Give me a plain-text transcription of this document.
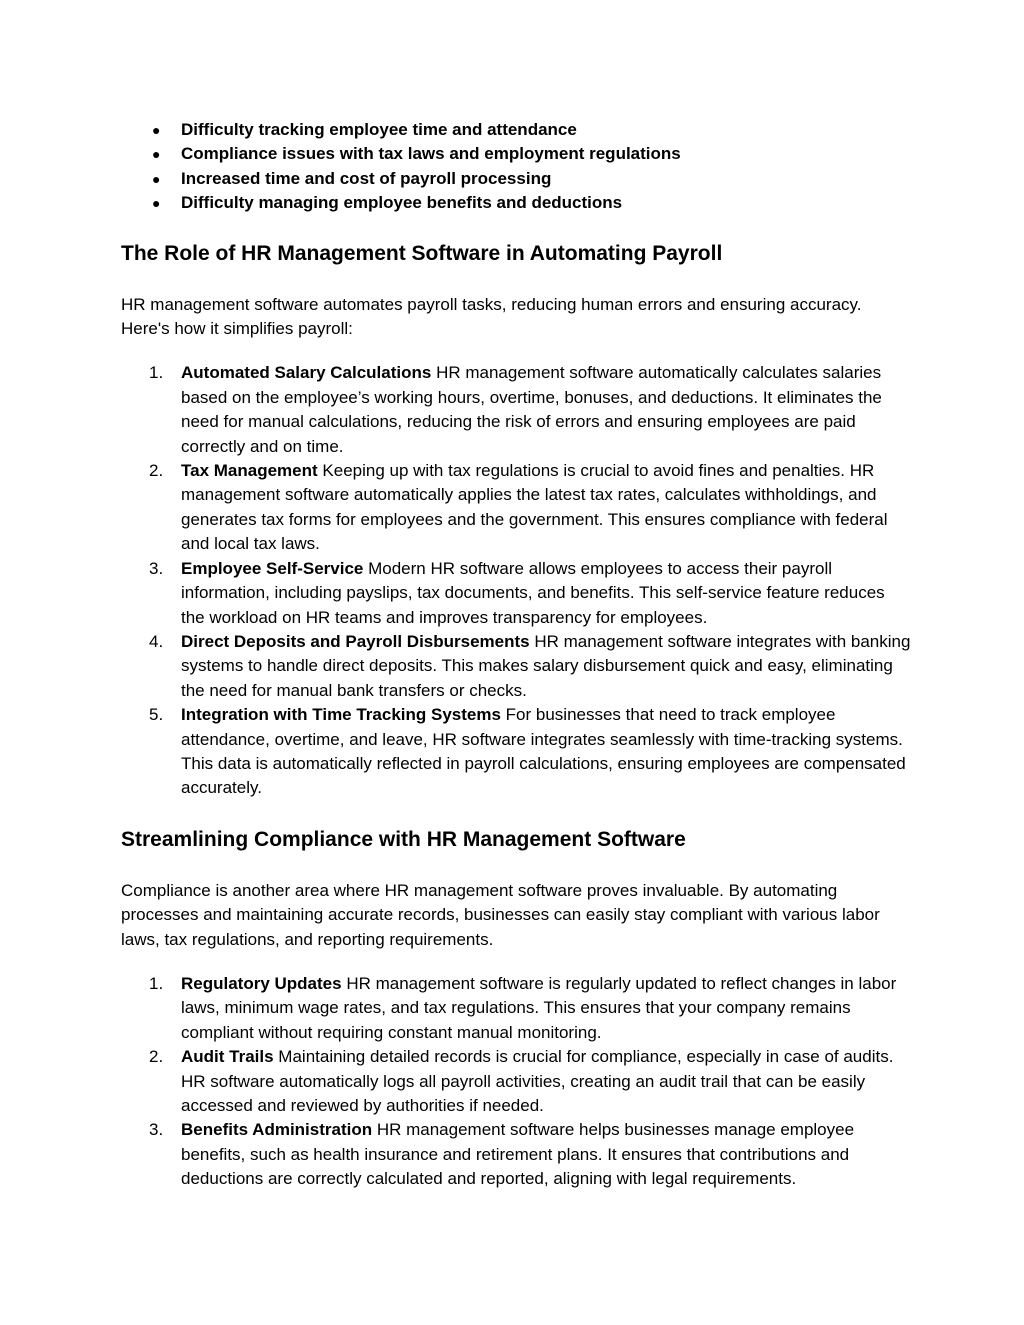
● Difficulty tracking employee time and attendance
● Compliance issues with tax laws and employment regulations
● Increased time and cost of payroll processing
● Difficulty managing employee benefits and deductions
The Role of HR Management Software in Automating Payroll

HR management software automates payroll tasks, reducing human errors and ensuring accuracy. Here's how it simplifies payroll:

1. Automated Salary Calculations HR management software automatically calculates salaries based on the employee’s working hours, overtime, bonuses, and deductions. It eliminates the need for manual calculations, reducing the risk of errors and ensuring employees are paid correctly and on time.
2. Tax Management Keeping up with tax regulations is crucial to avoid fines and penalties. HR management software automatically applies the latest tax rates, calculates withholdings, and generates tax forms for employees and the government. This ensures compliance with federal and local tax laws.
3. Employee Self-Service Modern HR software allows employees to access their payroll information, including payslips, tax documents, and benefits. This self-service feature reduces the workload on HR teams and improves transparency for employees.
4. Direct Deposits and Payroll Disbursements HR management software integrates with banking systems to handle direct deposits. This makes salary disbursement quick and easy, eliminating the need for manual bank transfers or checks.
5. Integration with Time Tracking Systems For businesses that need to track employee attendance, overtime, and leave, HR software integrates seamlessly with time-tracking systems. This data is automatically reflected in payroll calculations, ensuring employees are compensated accurately.
Streamlining Compliance with HR Management Software

Compliance is another area where HR management software proves invaluable. By automating processes and maintaining accurate records, businesses can easily stay compliant with various labor laws, tax regulations, and reporting requirements.

1. Regulatory Updates HR management software is regularly updated to reflect changes in labor laws, minimum wage rates, and tax regulations. This ensures that your company remains compliant without requiring constant manual monitoring.
2. Audit Trails Maintaining detailed records is crucial for compliance, especially in case of audits. HR software automatically logs all payroll activities, creating an audit trail that can be easily accessed and reviewed by authorities if needed.
3. Benefits Administration HR management software helps businesses manage employee benefits, such as health insurance and retirement plans. It ensures that contributions and deductions are correctly calculated and reported, aligning with legal requirements.
